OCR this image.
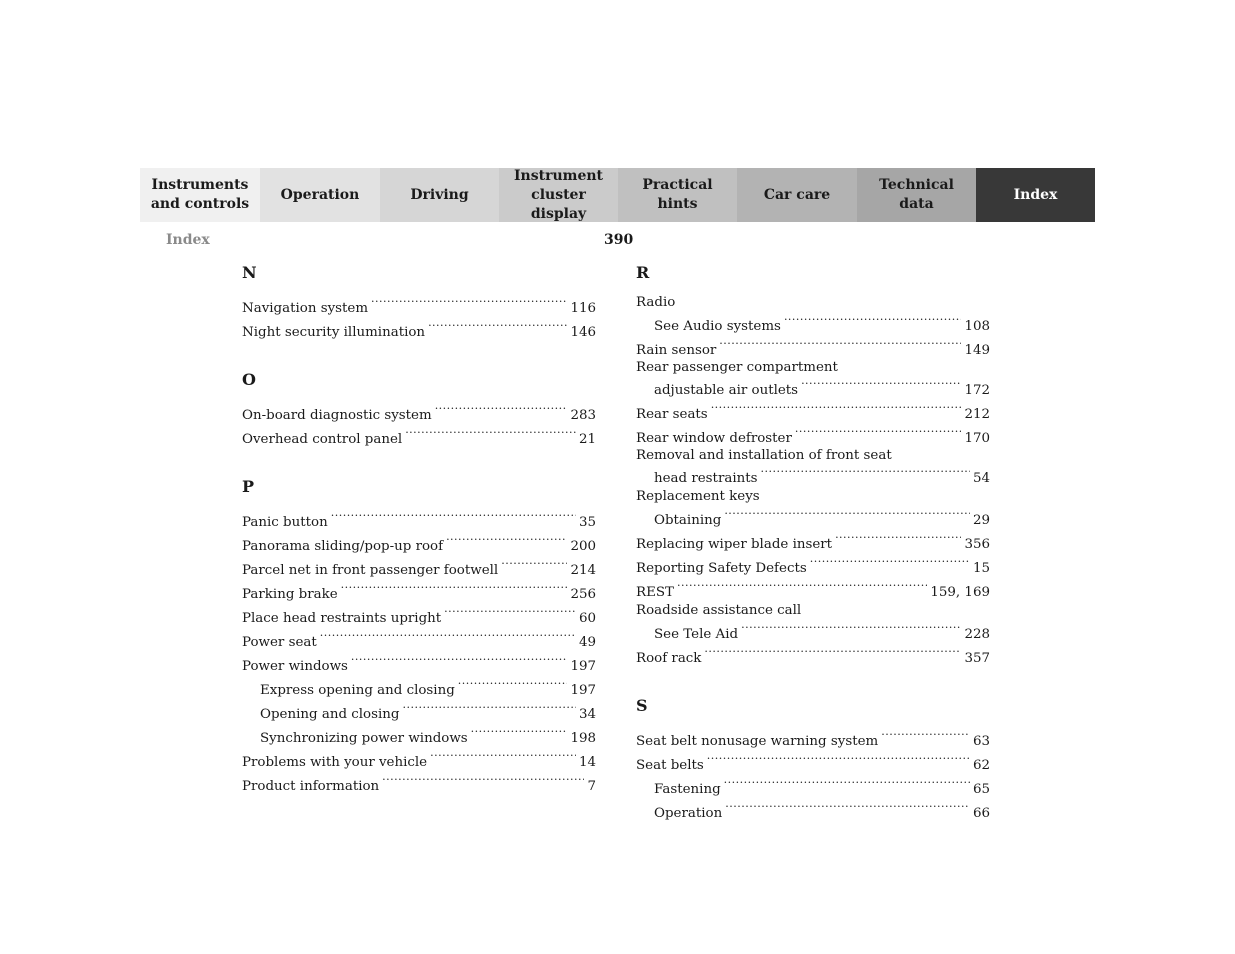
Instruments
and controls
Operation	Driving
Instrument
cluster display
Practical hints
Car care
Technical
data
Index
Index	390
N
Navigation system .....	116
Night security illumination .....	146
O
On-board diagnostic system .....	283
Overhead control panel .....	21
P
Panic button .....	35
Panorama sliding/pop-up roof .....	200
Parcel net in front passenger footwell .....	214
Parking brake .....	256
Place head restraints upright .....	60
Power seat .....	49
Power windows .....	197
Express opening and closing .....	197
Opening and closing .....	34
Synchronizing power windows .....	198
Problems with your vehicle .....	14
Product information .....	7
R
Radio
See Audio systems .....	108
Rain sensor .....	149
Rear passenger compartment
adjustable air outlets .....	172
Rear seats .....	212
Rear window defroster .....	170
Removal and installation of front seat
head restraints .....	54
Replacement keys
Obtaining .....	29
Replacing wiper blade insert .....	356
Reporting Safety Defects .....	15
REST .....	159, 169
Roadside assistance call
See Tele Aid .....	228
Roof rack .....	357
S
Seat belt nonusage warning system .....	63
Seat belts .....	62
Fastening .....	65
Operation .....	66
